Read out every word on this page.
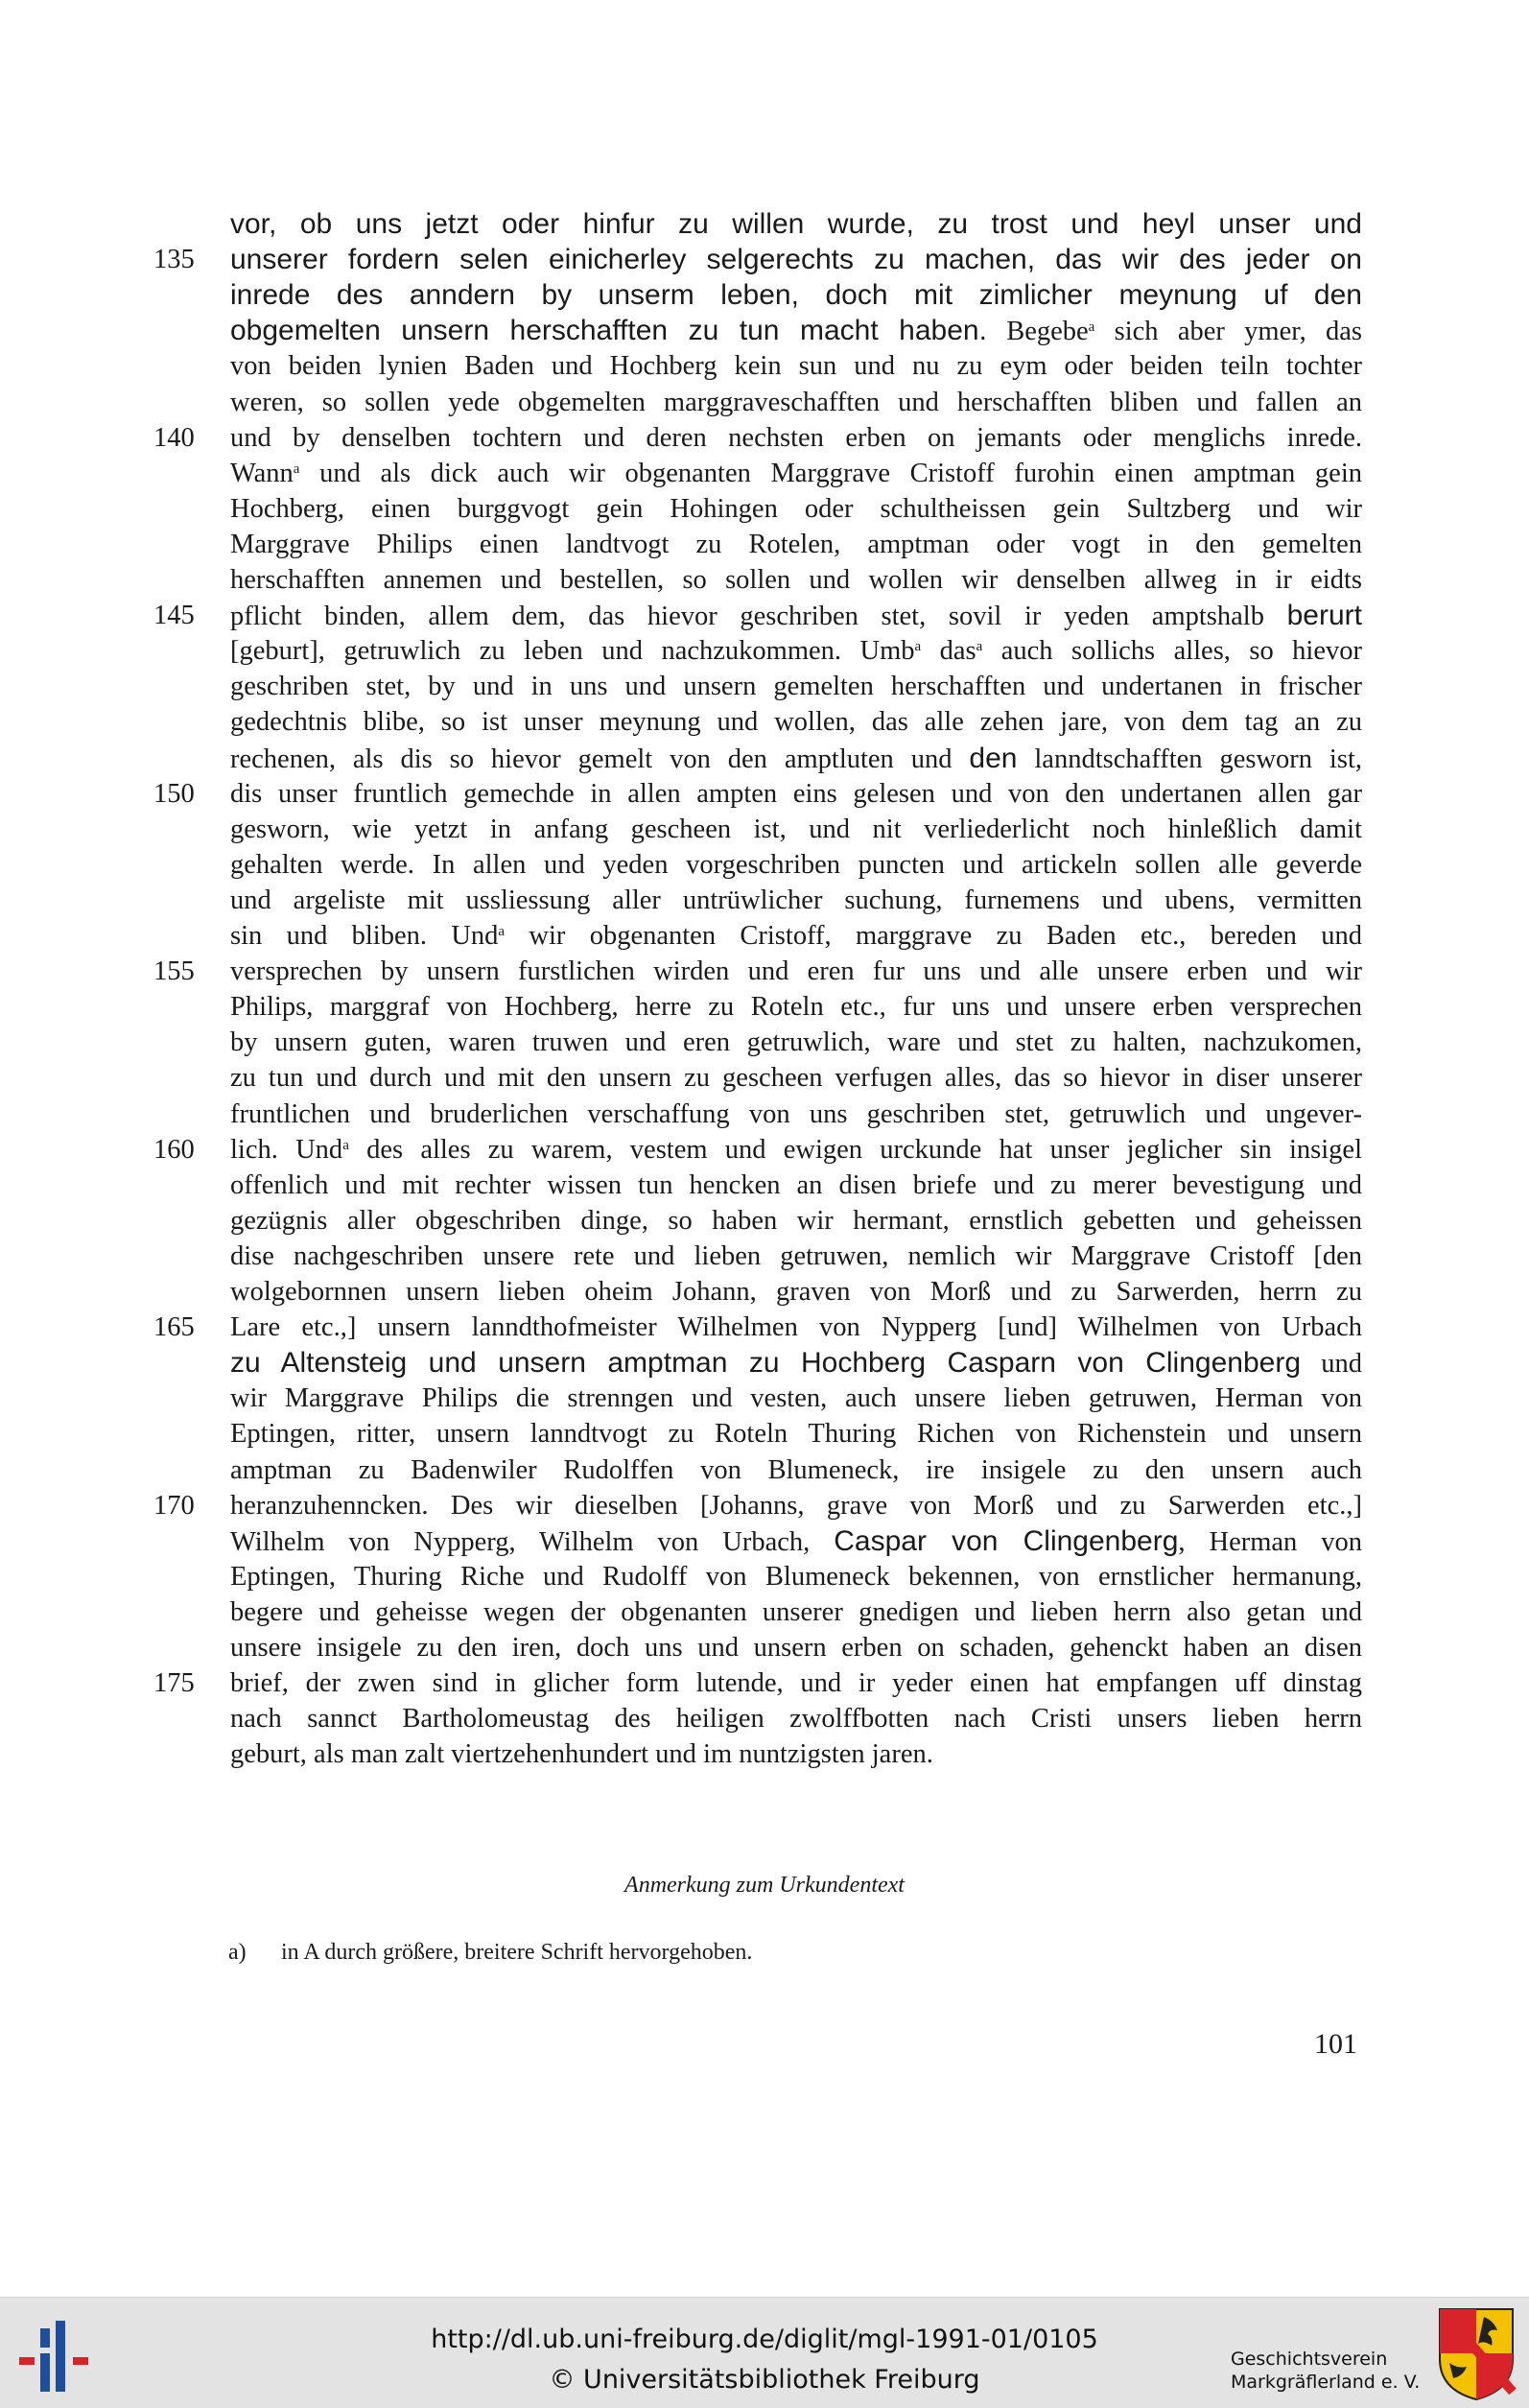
vor, ob uns jetzt oder hinfur zu willen wurde, zu trost und heyl unser und
135	unserer fordern selen einicherley selgerechts zu machen, das wir des jeder on
inrede des anndern by unserm leben, doch mit zimlicher meynung uf den
obgemelten unsern herschafften zu tun macht haben. Begebe$^a$ sich aber ymer, das
von beiden lynien Baden und Hochberg kein sun und nu zu eym oder beiden teiln tochter
weren, so sollen yede obgemelten marggraveschafften und herschafften bliben und fallen an
140	und by denselben tochtern und deren nechsten erben on jemants oder menglichs inrede.
Wann$^a$ und als dick auch wir obgenanten Marggrave Cristoff furohin einen amptman gein
Hochberg, einen burggvogt gein Hohingen oder schultheissen gein Sultzberg und wir
Marggrave Philips einen landtvogt zu Rotelen, amptman oder vogt in den gemelten
herschafften annemen und bestellen, so sollen und wollen wir denselben allweg in ir eidts
145	pflicht binden, allem dem, das hievor geschriben stet, sovil ir yeden amptshalb berurt
[geburt], getruwlich zu leben und nachzukommen. Umb$^a$ das$^a$ auch sollichs alles, so hievor
geschriben stet, by und in uns und unsern gemelten herschafften und undertanen in frischer
gedechtnis blibe, so ist unser meynung und wollen, das alle zehen jare, von dem tag an zu
rechenen, als dis so hievor gemelt von den amptluten und den lanndtschafften gesworn ist,
150	dis unser fruntlich gemechde in allen ampten eins gelesen und von den undertanen allen gar
gesworn, wie yetzt in anfang gescheen ist, und nit verliederlicht noch hinleßlich damit
gehalten werde. In allen und yeden vorgeschriben puncten und artickeln sollen alle geverde
und argeliste mit ussliessung aller untrüwlicher suchung, furnemens und ubens, vermitten
sin und bliben. Und$^a$ wir obgenanten Cristoff, marggrave zu Baden etc., bereden und
155	versprechen by unsern furstlichen wirden und eren fur uns und alle unsere erben und wir
Philips, marggraf von Hochberg, herre zu Roteln etc., fur uns und unsere erben versprechen
by unsern guten, waren truwen und eren getruwlich, ware und stet zu halten, nachzukomen,
zu tun und durch und mit den unsern zu gescheen verfugen alles, das so hievor in diser unserer
fruntlichen und bruderlichen verschaffung von uns geschriben stet, getruwlich und ungever-
160	lich. Und$^a$ des alles zu warem, vestem und ewigen urckunde hat unser jeglicher sin insigel
offenlich und mit rechter wissen tun hencken an disen briefe und zu merer bevestigung und
gezügnis aller obgeschriben dinge, so haben wir hermant, ernstlich gebetten und geheissen
dise nachgeschriben unsere rete und lieben getruwen, nemlich wir Marggrave Cristoff [den
wolgebornnen unsern lieben oheim Johann, graven von Morß und zu Sarwerden, herrn zu
165	Lare etc.,] unsern lanndthofmeister Wilhelmen von Nypperg [und] Wilhelmen von Urbach
zu Altensteig und unsern amptman zu Hochberg Casparn von Clingenberg und
wir Marggrave Philips die strenngen und vesten, auch unsere lieben getruwen, Herman von
Eptingen, ritter, unsern lanndtvogt zu Roteln Thuring Richen von Richenstein und unsern
amptman zu Badenwiler Rudolffen von Blumeneck, ire insigele zu den unsern auch
170	heranzuhenncken. Des wir dieselben [Johanns, grave von Morß und zu Sarwerden etc.,]
Wilhelm von Nypperg, Wilhelm von Urbach, Caspar von Clingenberg, Herman von
Eptingen, Thuring Riche und Rudolff von Blumeneck bekennen, von ernstlicher hermanung,
begere und geheisse wegen der obgenanten unserer gnedigen und lieben herrn also getan und
unsere insigele zu den iren, doch uns und unsern erben on schaden, gehenckt haben an disen
175	brief, der zwen sind in glicher form lutende, und ir yeder einen hat empfangen uff dinstag
nach sannct Bartholomeustag des heiligen zwolffbotten nach Cristi unsers lieben herrn
geburt, als man zalt viertzehenhundert und im nuntzigsten jaren.
Anmerkung zum Urkundentext
a) in A durch größere, breitere Schrift hervorgehoben.
101
http://dl.ub.uni-freiburg.de/diglit/mgl-1991-01/0105
© Universitätsbibliothek Freiburg
Geschichtsverein
Markgräflerland e. V.
